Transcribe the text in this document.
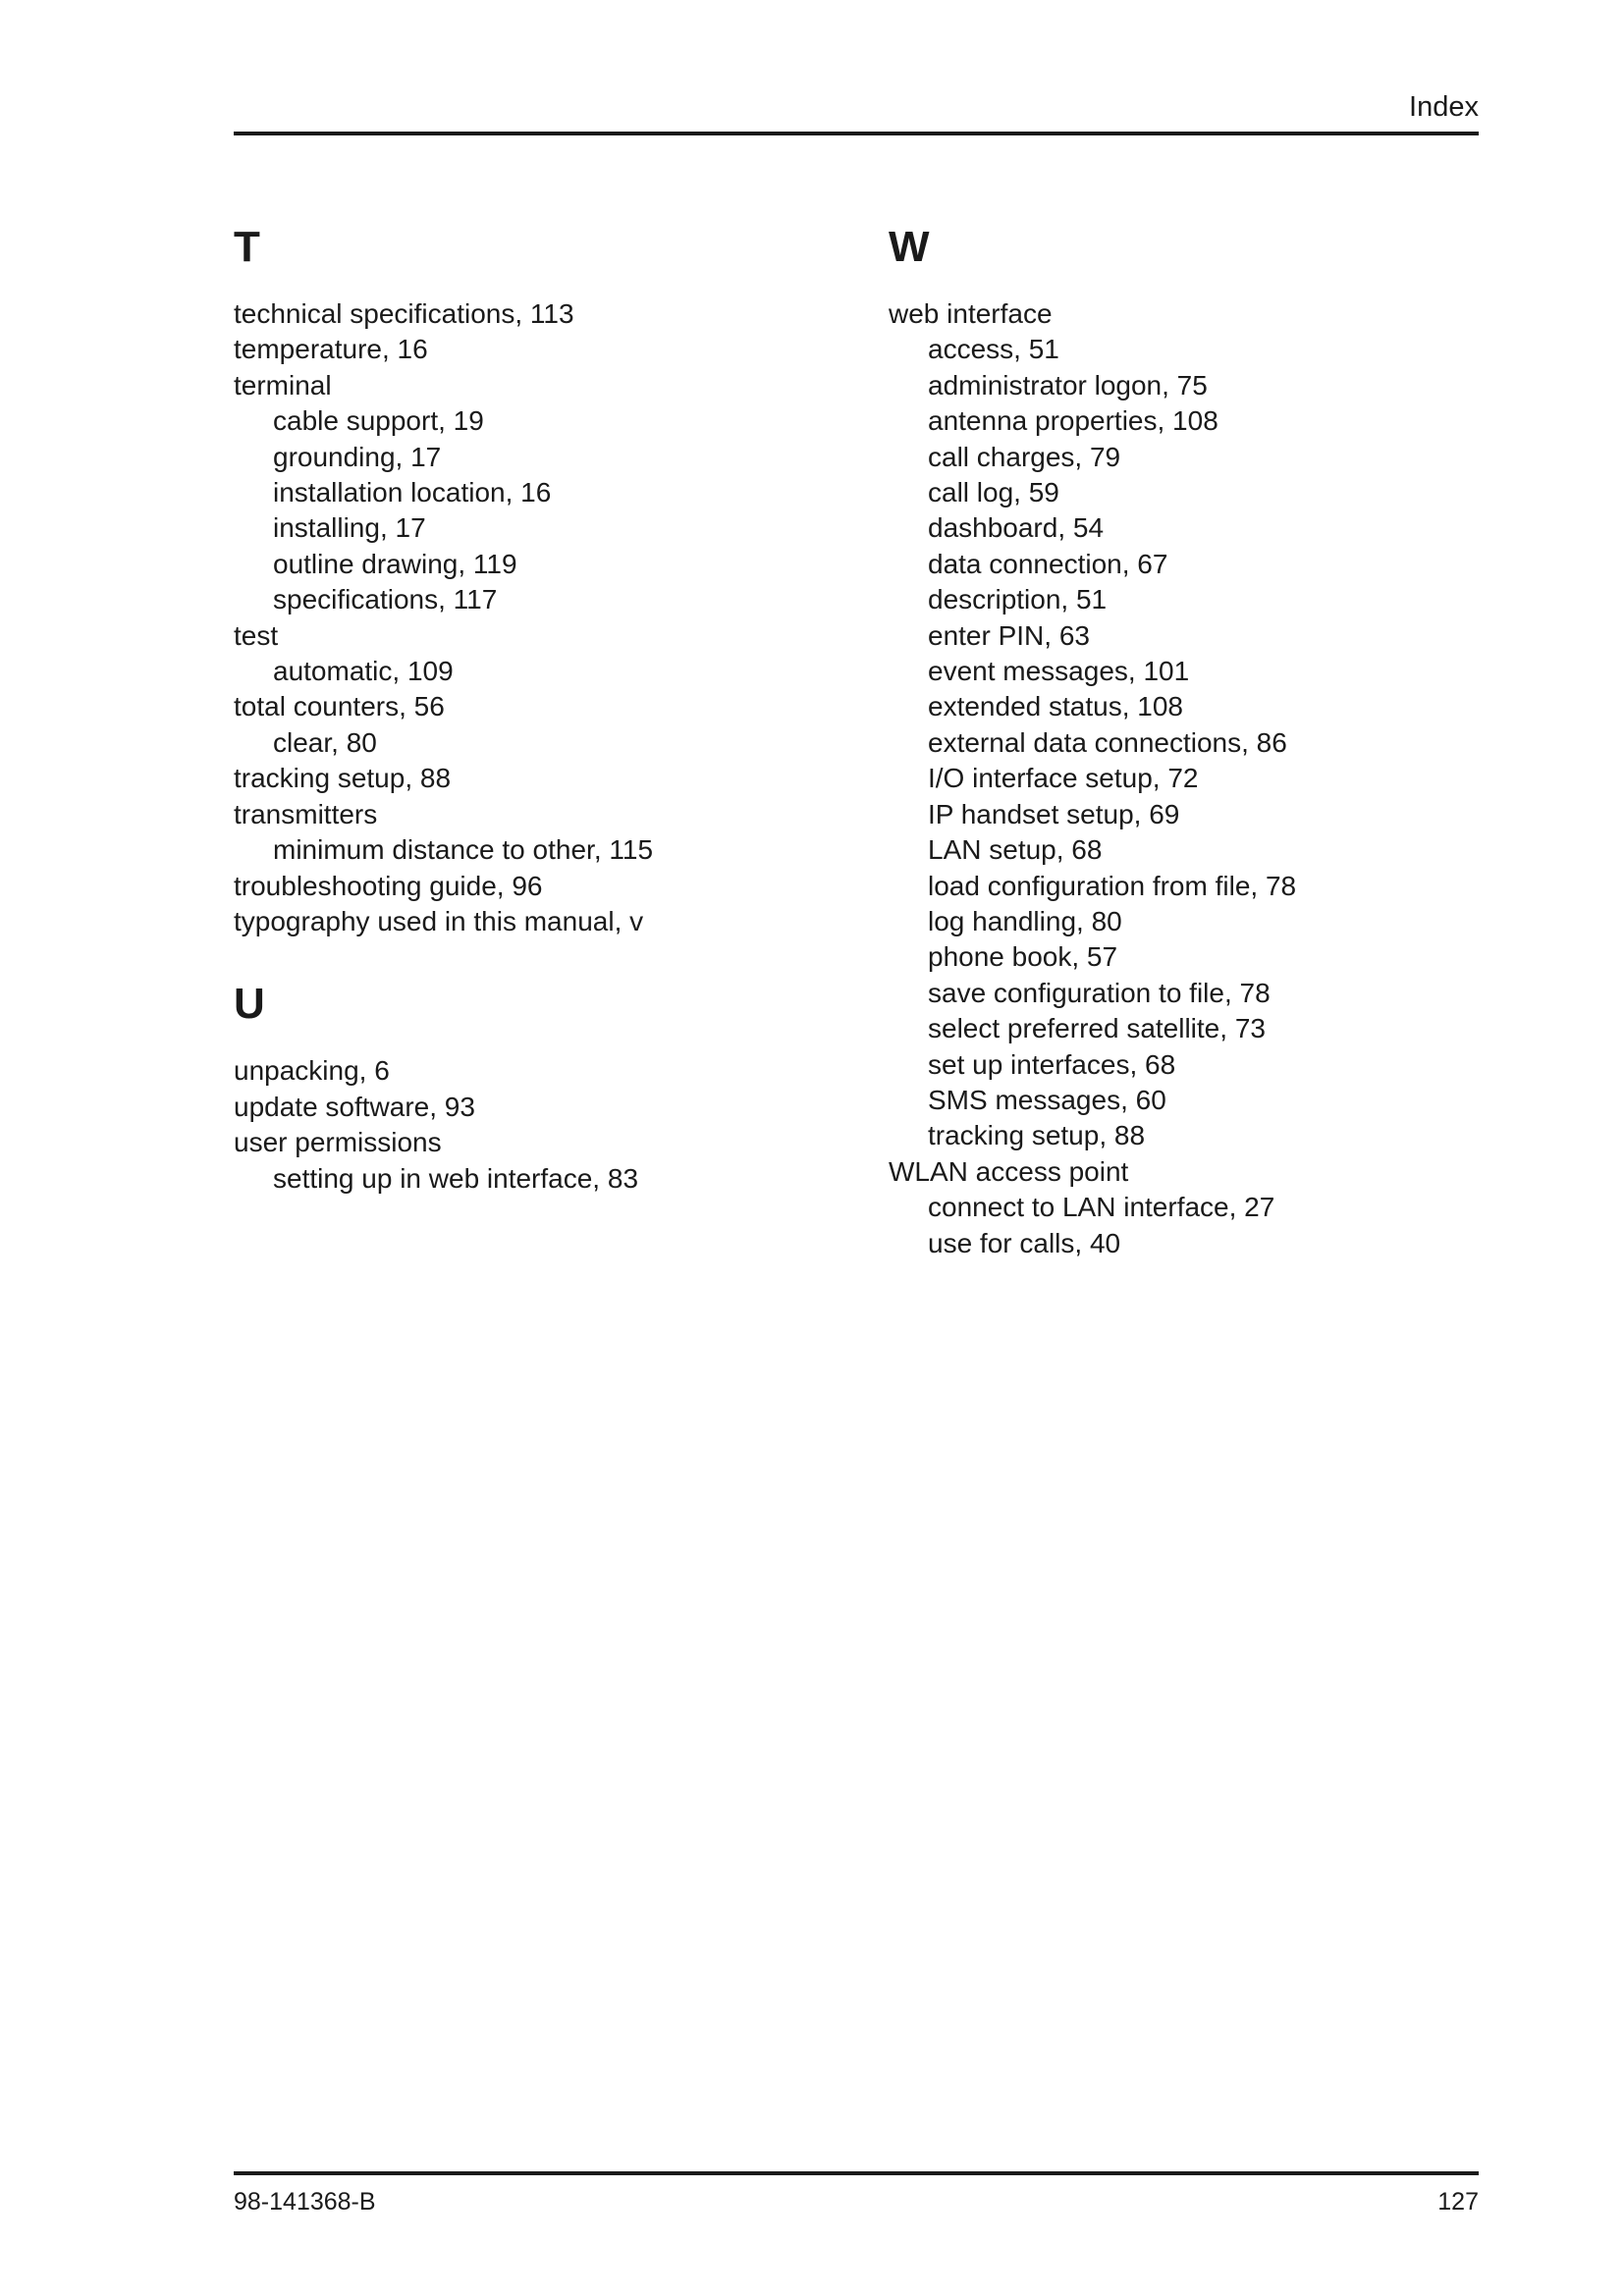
Index
T
technical specifications, 113
temperature, 16
terminal
cable support, 19
grounding, 17
installation location, 16
installing, 17
outline drawing, 119
specifications, 117
test
automatic, 109
total counters, 56
clear, 80
tracking setup, 88
transmitters
minimum distance to other, 115
troubleshooting guide, 96
typography used in this manual, v
U
unpacking, 6
update software, 93
user permissions
setting up in web interface, 83
W
web interface
access, 51
administrator logon, 75
antenna properties, 108
call charges, 79
call log, 59
dashboard, 54
data connection, 67
description, 51
enter PIN, 63
event messages, 101
extended status, 108
external data connections, 86
I/O interface setup, 72
IP handset setup, 69
LAN setup, 68
load configuration from file, 78
log handling, 80
phone book, 57
save configuration to file, 78
select preferred satellite, 73
set up interfaces, 68
SMS messages, 60
tracking setup, 88
WLAN access point
connect to LAN interface, 27
use for calls, 40
98-141368-B	127
